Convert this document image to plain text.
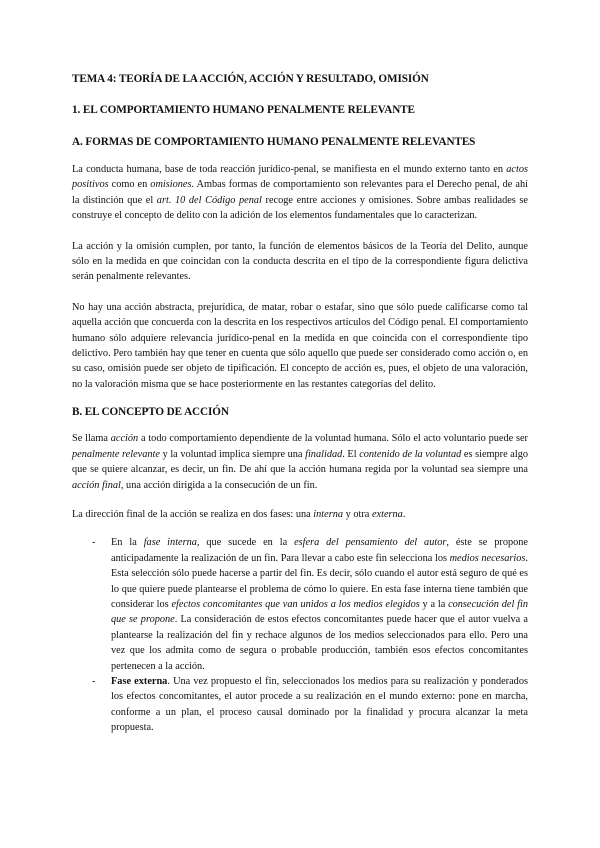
TEMA 4: TEORÍA DE LA ACCIÓN, ACCIÓN Y RESULTADO, OMISIÓN
1. EL COMPORTAMIENTO HUMANO PENALMENTE RELEVANTE
A. FORMAS DE COMPORTAMIENTO HUMANO PENALMENTE RELEVANTES

La conducta humana, base de toda reacción jurídico-penal, se manifiesta en el mundo externo tanto en actos positivos como en omisiones. Ambas formas de comportamiento son relevantes para el Derecho penal, de ahí la distinción que el art. 10 del Código penal recoge entre acciones y omisiones. Sobre ambas realidades se construye el concepto de delito con la adición de los elementos fundamentales que lo caracterizan.

La acción y la omisión cumplen, por tanto, la función de elementos básicos de la Teoría del Delito, aunque sólo en la medida en que coincidan con la conducta descrita en el tipo de la correspondiente figura delictiva serán penalmente relevantes.

No hay una acción abstracta, prejurídica, de matar, robar o estafar, sino que sólo puede calificarse como tal aquella acción que concuerda con la descrita en los respectivos artículos del Código penal. El comportamiento humano sólo adquiere relevancia jurídico-penal en la medida en que coincida con el correspondiente tipo delictivo. Pero también hay que tener en cuenta que sólo aquello que puede ser considerado como acción o, en su caso, omisión puede ser objeto de tipificación. El concepto de acción es, pues, el objeto de una valoración, no la valoración misma que se hace posteriormente en las restantes categorías del delito.

B. EL CONCEPTO DE ACCIÓN

Se llama acción a todo comportamiento dependiente de la voluntad humana. Sólo el acto voluntario puede ser penalmente relevante y la voluntad implica siempre una finalidad. El contenido de la voluntad es siempre algo que se quiere alcanzar, es decir, un fin. De ahí que la acción humana regida por la voluntad sea siempre una acción final, una acción dirigida a la consecución de un fin.

La dirección final de la acción se realiza en dos fases: una interna y otra externa.

- En la fase interna, que sucede en la esfera del pensamiento del autor, éste se propone anticipadamente la realización de un fin. Para llevar a cabo este fin selecciona los medios necesarios. Esta selección sólo puede hacerse a partir del fin. Es decir, sólo cuando el autor está seguro de qué es lo que quiere puede plantearse el problema de cómo lo quiere. En esta fase interna tiene también que considerar los efectos concomitantes que van unidos a los medios elegidos y a la consecución del fin que se propone. La consideración de estos efectos concomitantes puede hacer que el autor vuelva a plantearse la realización del fin y rechace algunos de los medios seleccionados para ello. Pero una vez que los admita como de segura o probable producción, también esos efectos concomitantes pertenecen a la acción.

- Fase externa. Una vez propuesto el fin, seleccionados los medios para su realización y ponderados los efectos concomitantes, el autor procede a su realización en el mundo externo: pone en marcha, conforme a un plan, el proceso causal dominado por la finalidad y procura alcanzar la meta propuesta.
